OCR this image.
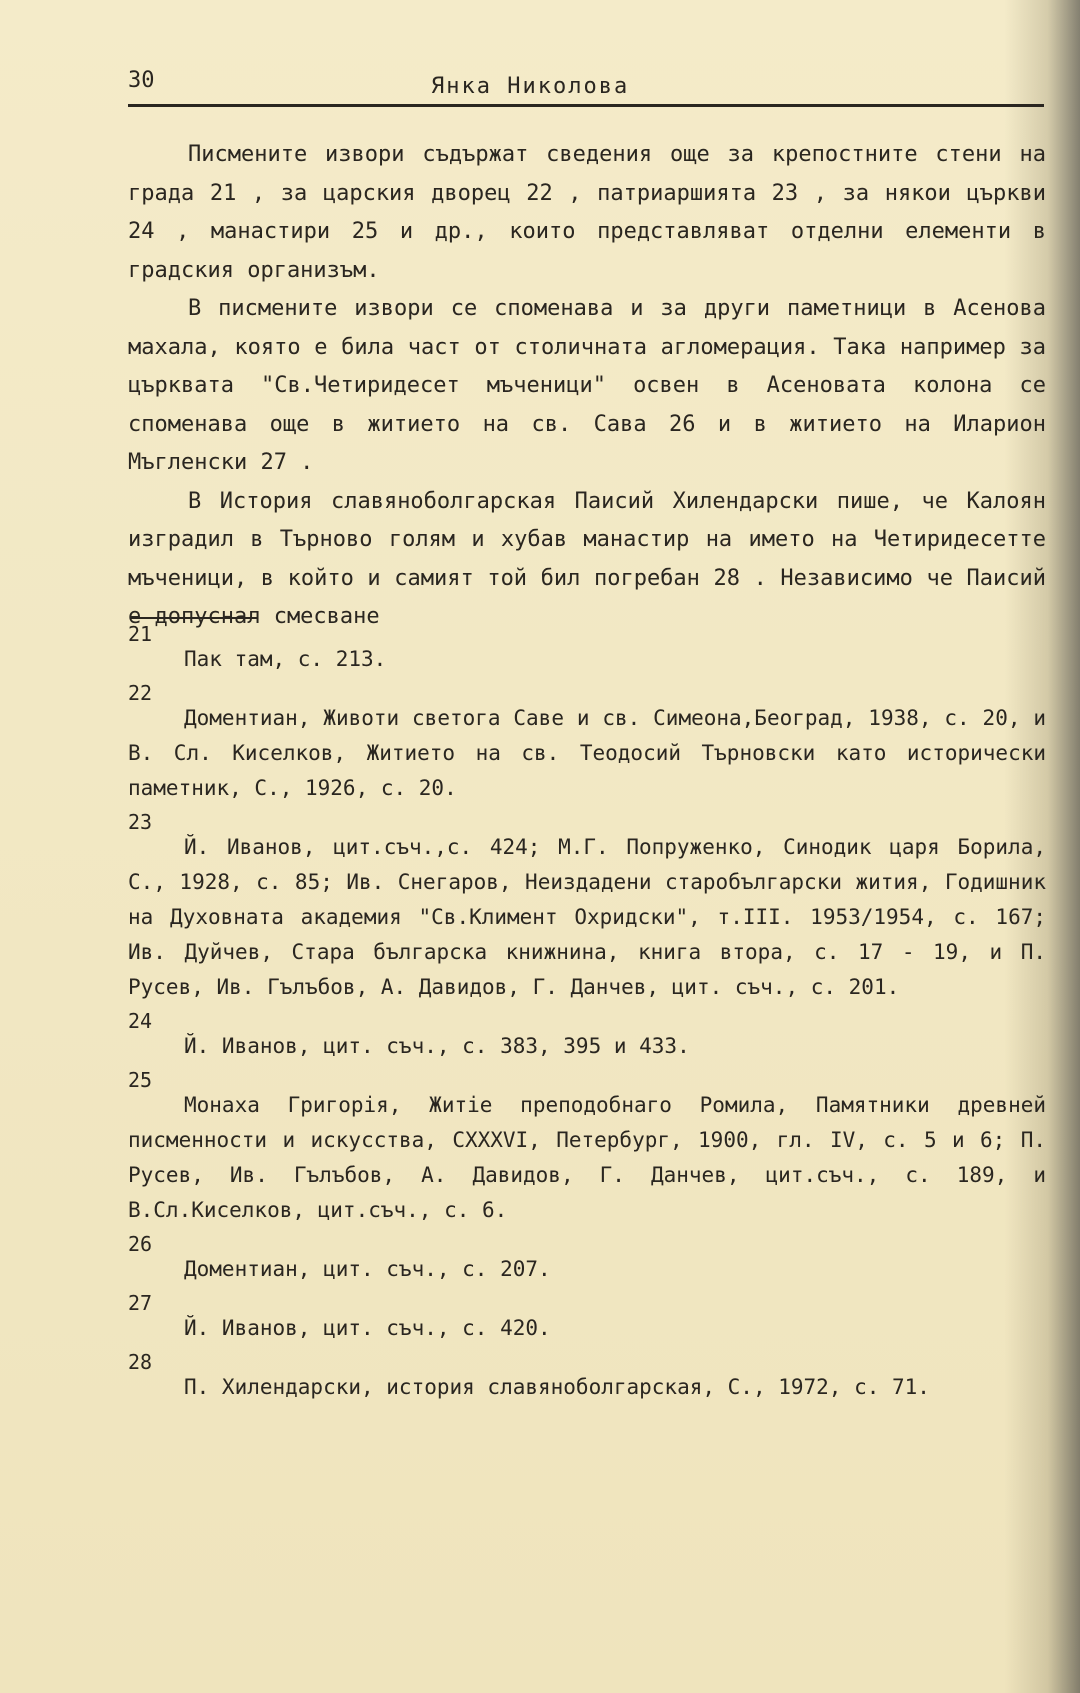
30	Янка Николова

Писмените извори съдържат сведения още за крепостните стени на града 21 , за царския дворец 22 , патриаршията 23 , за някои църкви 24 , манастири 25 и др., които представляват отделни елементи в градския организъм.

В писмените извори се споменава и за други паметници в Асенова махала, която е била част от столичната агломерация. Така например за църквата "Св.Четиридесет мъченици" освен в Асеновата колона се споменава още в житието на св. Сава 26 и в житието на Иларион Мъгленски 27 .

В История славянoболгарская Паисий Хилендарски пише, че Калоян изградил в Търново голям и хубав манастир на името на Четиридесетте мъченици, в който и самият той бил погребан 28 . Независимо че Паисий е допуснал смесване

21
Пак там, с. 213.
22
Доментиан, Животи светога Саве и св. Симеона,Београд, 1938, с. 20, и В. Сл. Киселков, Житието на св. Теодосий Търновски като исторически паметник, С., 1926, с. 20.
23
Й. Иванов, цит.съч.,с. 424; М.Г. Попруженко, Синодик царя Борила, С., 1928, с. 85; Ив. Снегаров, Неиздадени старобългарски жития, Годишник на Духовната академия "Св.Климент Охридски", т.III. 1953/1954, с. 167; Ив. Дуйчев, Стара българска книжнина, книга втора, с. 17 - 19, и П. Русев, Ив. Гълъбов, А. Давидов, Г. Данчев, цит. съч., с. 201.
24
Й. Иванов, цит. съч., с. 383, 395 и 433.
25
Монаха Григорія, Житіе преподобнаго Ромила, Памятники древней писменности и искусства, CXXXVI, Петербург, 1900, гл. IV, с. 5 и 6; П. Русев, Ив. Гълъбов, А. Давидов, Г. Данчев, цит.съч., с. 189, и В.Сл.Киселков, цит.съч., с. 6.
26
Доментиан, цит. съч., с. 207.
27
Й. Иванов, цит. съч., с. 420.
28
П. Хилендарски, история славянoболгарская, С., 1972, с. 71.
